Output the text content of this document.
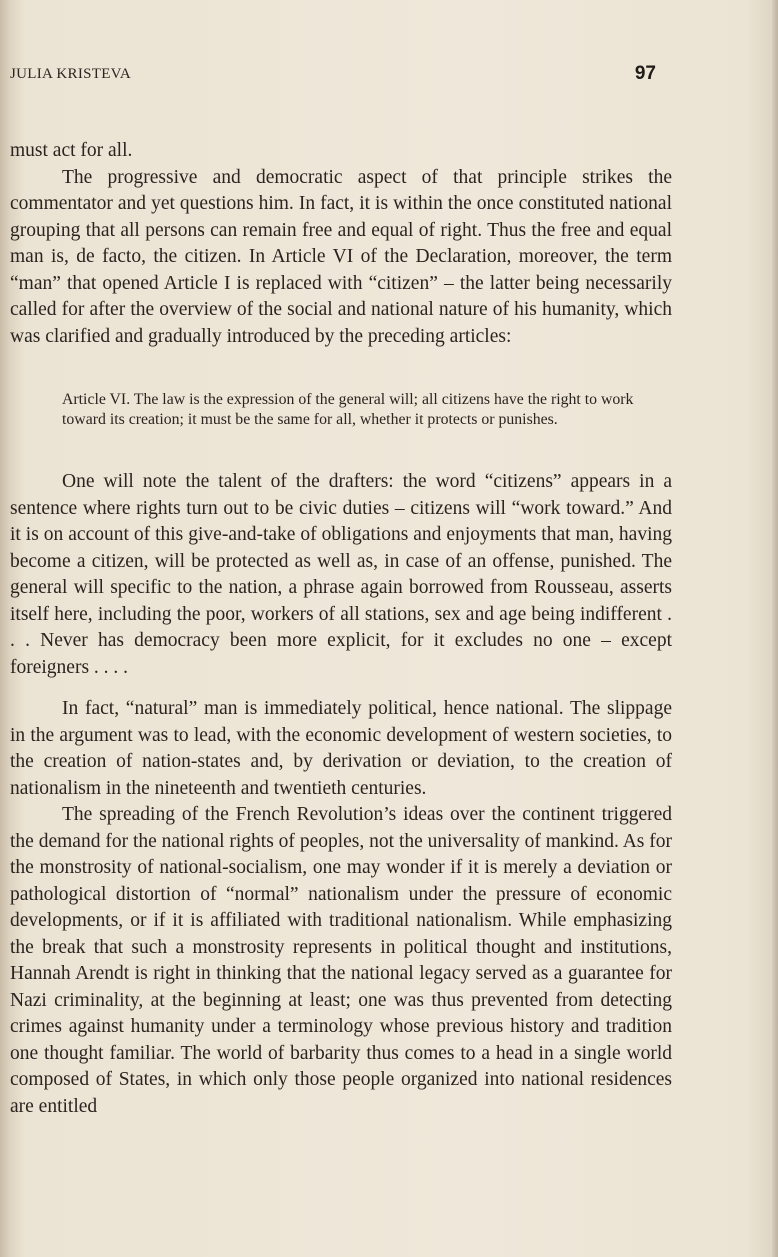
JULIA KRISTEVA	97

must act for all.

The progressive and democratic aspect of that principle strikes the commentator and yet questions him. In fact, it is within the once constituted national grouping that all persons can remain free and equal of right. Thus the free and equal man is, de facto, the citizen. In Article VI of the Declaration, moreover, the term “man” that opened Article I is replaced with “citizen” – the latter being necessarily called for after the overview of the social and national nature of his humanity, which was clarified and gradually introduced by the preceding articles:

Article VI. The law is the expression of the general will; all citizens have the right to work toward its creation; it must be the same for all, whether it protects or punishes.

One will note the talent of the drafters: the word “citizens” appears in a sentence where rights turn out to be civic duties – citizens will “work toward.” And it is on account of this give-and-take of obligations and enjoyments that man, having become a citizen, will be protected as well as, in case of an offense, punished. The general will specific to the nation, a phrase again borrowed from Rousseau, asserts itself here, including the poor, workers of all stations, sex and age being indifferent . . . Never has democracy been more explicit, for it excludes no one – except foreigners . . . .

In fact, “natural” man is immediately political, hence national. The slippage in the argument was to lead, with the economic development of western societies, to the creation of nation-states and, by derivation or deviation, to the creation of nationalism in the nineteenth and twentieth centuries.

The spreading of the French Revolution’s ideas over the continent triggered the demand for the national rights of peoples, not the universality of mankind. As for the monstrosity of national-socialism, one may wonder if it is merely a deviation or pathological distortion of “normal” nationalism under the pressure of economic developments, or if it is affiliated with traditional nationalism. While emphasizing the break that such a monstrosity represents in political thought and institutions, Hannah Arendt is right in thinking that the national legacy served as a guarantee for Nazi criminality, at the beginning at least; one was thus prevented from detecting crimes against humanity under a terminology whose previous history and tradition one thought familiar. The world of barbarity thus comes to a head in a single world composed of States, in which only those people organized into national residences are entitled
